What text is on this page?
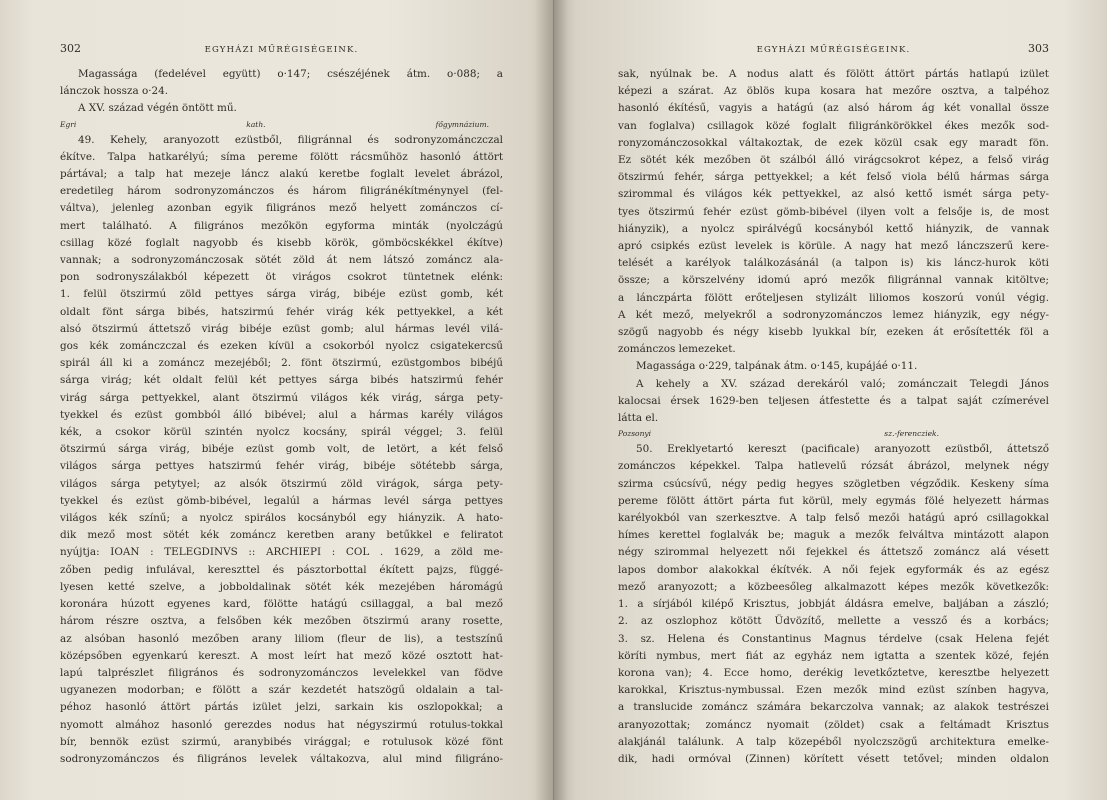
302	EGYHÁZI MŰRÉGISÉGEINK.
Magassága (fedelével együtt) o·147; csészéjének átm. o·088; a
lánczok hossza o·24.
A XV. század végén öntött mű.
Egri kath. főgymnázium.
49. Kehely, aranyozott ezüstből, filigránnal és sodronyzománczczal
ékítve. Talpa hatkarélyú; síma pereme fölött rácsműhöz hasonló áttört
pártával; a talp hat mezeje láncz alakú keretbe foglalt levelet ábrázol,
eredetileg három sodronyzománczos és három filigránékítménynyel (fel-
váltva), jelenleg azonban egyik filigrános mező helyett zománczos cí-
mert található. A filigrános mezőkön egyforma minták (nyolczágú
csillag közé foglalt nagyobb és kisebb körök, gömböcskékkel ékítve)
vannak; a sodronyzománczosak sötét zöld át nem látszó zománcz ala-
pon sodronyszálakból képezett öt virágos csokrot tüntetnek elénk:
1. felül ötszirmú zöld pettyes sárga virág, bibéje ezüst gomb, két
oldalt fönt sárga bibés, hatszirmú fehér virág kék pettyekkel, a két
alsó ötszirmú áttetsző virág bibéje ezüst gomb; alul hármas levél vilá-
gos kék zománczczal és ezeken kívül a csokorból nyolcz csigatekercsű
spirál áll ki a zománcz mezejéből; 2. fönt ötszirmú, ezüstgombos bibéjű
sárga virág; két oldalt felül két pettyes sárga bibés hatszirmú fehér
virág sárga pettyekkel, alant ötszirmú világos kék virág, sárga pety-
tyekkel és ezüst gombból álló bibével; alul a hármas karély világos
kék, a csokor körül szintén nyolcz kocsány, spirál véggel; 3. felül
ötszirmú sárga virág, bibéje ezüst gomb volt, de letört, a két felső
világos sárga pettyes hatszirmú fehér virág, bibéje sötétebb sárga,
világos sárga petytyel; az alsók ötszirmú zöld virágok, sárga pety-
tyekkel és ezüst gömb-bibével, legalúl a hármas levél sárga pettyes
világos kék színű; a nyolcz spirálos kocsányból egy hiányzik. A hato-
dik mező most sötét kék zománcz keretben arany betűkkel e feliratot
nyújtja: IOAN : TELEGDINVS :: ARCHIEPI : COL . 1629, a zöld me-
zőben pedig infulával, kereszttel és pásztorbottal ékített pajzs, függé-
lyesen ketté szelve, a jobboldalinak sötét kék mezejében háromágú
koronára húzott egyenes kard, fölötte hatágú csillaggal, a bal mező
három részre osztva, a felsőben kék mezőben ötszirmú arany rosette,
az alsóban hasonló mezőben arany liliom (fleur de lis), a testszínű
középsőben egyenkarú kereszt. A most leírt hat mező közé osztott hat-
lapú talprészlet filigrános és sodronyzománczos levelekkel van födve
ugyanezen modorban; e fölött a szár kezdetét hatszögű oldalain a tal-
péhoz hasonló áttört pártás izület jelzi, sarkain kis oszlopokkal; a
nyomott almához hasonló gerezdes nodus hat négyszirmú rotulus-tokkal
bír, bennök ezüst szirmú, aranybibés virággal; e rotulusok közé fönt
sodronyzománczos és filigrános levelek váltakozva, alul mind filigráno-
EGYHÁZI MŰRÉGISÉGEINK.	303
sak, nyúlnak be. A nodus alatt és fölött áttört pártás hatlapú izület
képezi a szárat. Az öblös kupa kosara hat mezőre osztva, a talpéhoz
hasonló ékítésű, vagyis a hatágú (az alsó három ág két vonallal össze
van foglalva) csillagok közé foglalt filigránkörökkel ékes mezők sod-
ronyzománczosokkal váltakoztak, de ezek közül csak egy maradt fön.
Ez sötét kék mezőben öt szálból álló virágcsokrot képez, a felső virág
ötszirmú fehér, sárga pettyekkel; a két felső viola bélű hármas sárga
szirommal és világos kék pettyekkel, az alsó kettő ismét sárga pety-
tyes ötszirmú fehér ezüst gömb-bibével (ilyen volt a felsője is, de most
hiányzik), a nyolcz spirálvégű kocsányból kettő hiányzik, de vannak
apró csipkés ezüst levelek is körüle. A nagy hat mező lánczszerű kere-
telését a karélyok találkozásánál (a talpon is) kis láncz-hurok köti
össze; a körszelvény idomú apró mezők filigránnal vannak kitöltve;
a lánczpárta fölött erőteljesen stylizált liliomos koszorú vonúl végig.
A két mező, melyekről a sodronyzománczos lemez hiányzik, egy négy-
szögű nagyobb és négy kisebb lyukkal bír, ezeken át erősítették föl a
zománczos lemezeket.
Magassága o·229, talpának átm. o·145, kupájáé o·11.
A kehely a XV. század derekáról való; zománczait Telegdi János
kalocsai érsek 1629-ben teljesen átfestette és a talpat saját czímerével
látta el.
Pozsonyi sz.-ferencziek.
50. Ereklyetartó kereszt (pacificale) aranyozott ezüstből, áttetsző
zománczos képekkel. Talpa hatlevelű rózsát ábrázol, melynek négy
szirma csúcsívű, négy pedig hegyes szögletben végződik. Keskeny síma
pereme fölött áttört párta fut körül, mely egymás fölé helyezett hármas
karélyokból van szerkesztve. A talp felső mezői hatágú apró csillagokkal
hímes kerettel foglalvák be; maguk a mezők felváltva mintázott alapon
négy szirommal helyezett női fejekkel és áttetsző zománcz alá vésett
lapos dombor alakokkal ékítvék. A női fejek egyformák és az egész
mező aranyozott; a közbeesőleg alkalmazott képes mezők következők:
1. a sírjából kilépő Krisztus, jobbját áldásra emelve, baljában a zászló;
2. az oszlophoz kötött Üdvözítő, mellette a vessző és a korbács;
3. sz. Helena és Constantinus Magnus térdelve (csak Helena fejét
köríti nymbus, mert fiát az egyház nem igtatta a szentek közé, fején
korona van); 4. Ecce homo, derékig levetkőztetve, keresztbe helyezett
karokkal, Krisztus-nymbussal. Ezen mezők mind ezüst színben hagyva,
a translucide zománcz számára bekarczolva vannak; az alakok testrészei
aranyozottak; zománcz nyomait (zöldet) csak a feltámadt Krisztus
alakjánál találunk. A talp közepéből nyolczszögű architektura emelke-
dik, hadi ormóval (Zinnen) körített vésett tetővel; minden oldalon
